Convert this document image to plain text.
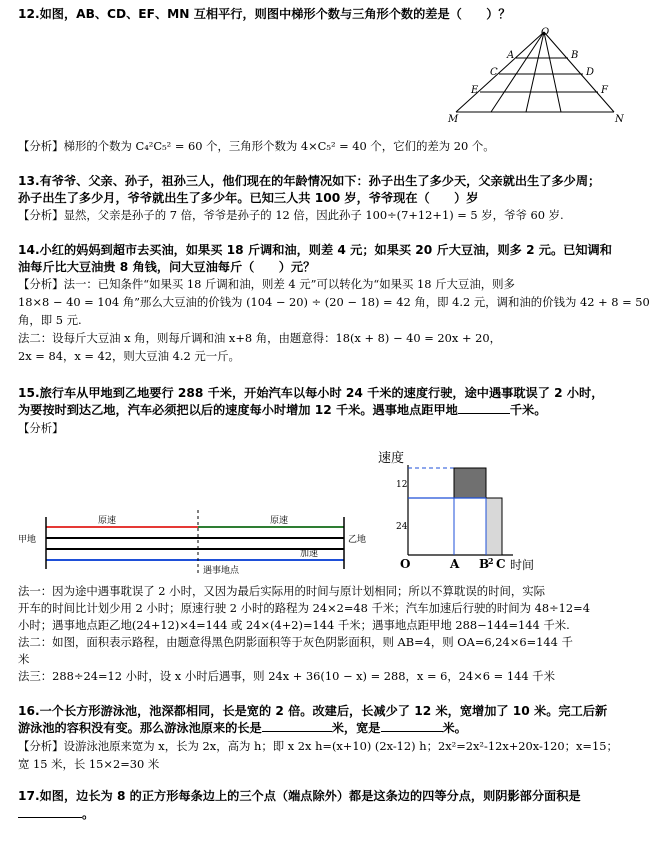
12.如图，AB、CD、EF、MN 互相平行，则图中梯形个数与三角形个数的差是（　　）？
O
A	B
C	D
E	F
M	N
【分析】梯形的个数为 C₄²C₅² = 60 个，三角形个数为 4×C₅² = 40 个，它们的差为 20 个。
13.有爷爷、父亲、孙子，祖孙三人，他们现在的年龄情况如下：孙子出生了多少天，父亲就出生了多少周；
孙子出生了多少月，爷爷就出生了多少年。已知三人共 100 岁，爷爷现在（　　）岁
【分析】显然，父亲是孙子的 7 倍，爷爷是孙子的 12 倍，因此孙子 100÷(7+12+1) = 5 岁，爷爷 60 岁.
14.小红的妈妈到超市去买油，如果买 18 斤调和油，则差 4 元；如果买 20 斤大豆油，则多 2 元。已知调和
油每斤比大豆油贵 8 角钱，问大豆油每斤（　　）元？
【分析】法一：已知条件“如果买 18 斤调和油，则差 4 元”可以转化为“如果买 18 斤大豆油，则多
18×8 − 40 = 104 角”那么大豆油的价钱为 (104 − 20) ÷ (20 − 18) = 42 角，即 4.2 元，调和油的价钱为 42 + 8 = 50
角，即 5 元.
法二：设每斤大豆油 x 角，则每斤调和油 x+8 角，由题意得：18(x + 8) − 40 = 20x + 20，
2x = 84，x = 42，则大豆油 4.2 元一斤。
15.旅行车从甲地到乙地要行 288 千米，开始汽车以每小时 24 千米的速度行驶，途中遇事耽误了 2 小时，
为要按时到达乙地，汽车必须把以后的速度每小时增加 12 千米。遇事地点距甲地	千米。
【分析】
原速	原速
甲地	乙地
加速
遇事地点
速度
12
24
O	A B
2 C 时间
法一：因为途中遇事耽误了 2 小时，又因为最后实际用的时间与原计划相同；所以不算耽误的时间，实际
开车的时间比计划少用 2 小时；原速行驶 2 小时的路程为 24×2=48 千米；汽车加速后行驶的时间为 48÷12=4
小时；遇事地点距乙地(24+12)×4=144 或 24×(4+2)=144 千米；遇事地点距甲地 288−144=144 千米.
法二：如图，面积表示路程，由题意得黑色阴影面积等于灰色阴影面积，则 AB=4，则 OA=6,24×6=144 千
米
法三：288÷24=12 小时，设 x 小时后遇事，则 24x + 36(10 − x) = 288，x = 6，24×6 = 144 千米
16.一个长方形游泳池，池深都相同，长是宽的 2 倍。改建后，长减少了 12 米，宽增加了 10 米。完工后新
游泳池的容积没有变。那么游泳池原来的长是	米，宽是	米。
【分析】设游泳池原来宽为 x，长为 2x，高为 h；即 x 2x h=(x+10) (2x-12) h；2x²=2x²-12x+20x-120；x=15；
宽 15 米，长 15×2=30 米
17.如图，边长为 8 的正方形每条边上的三个点（端点除外）都是这条边的四等分点，则阴影部分面积是
。
